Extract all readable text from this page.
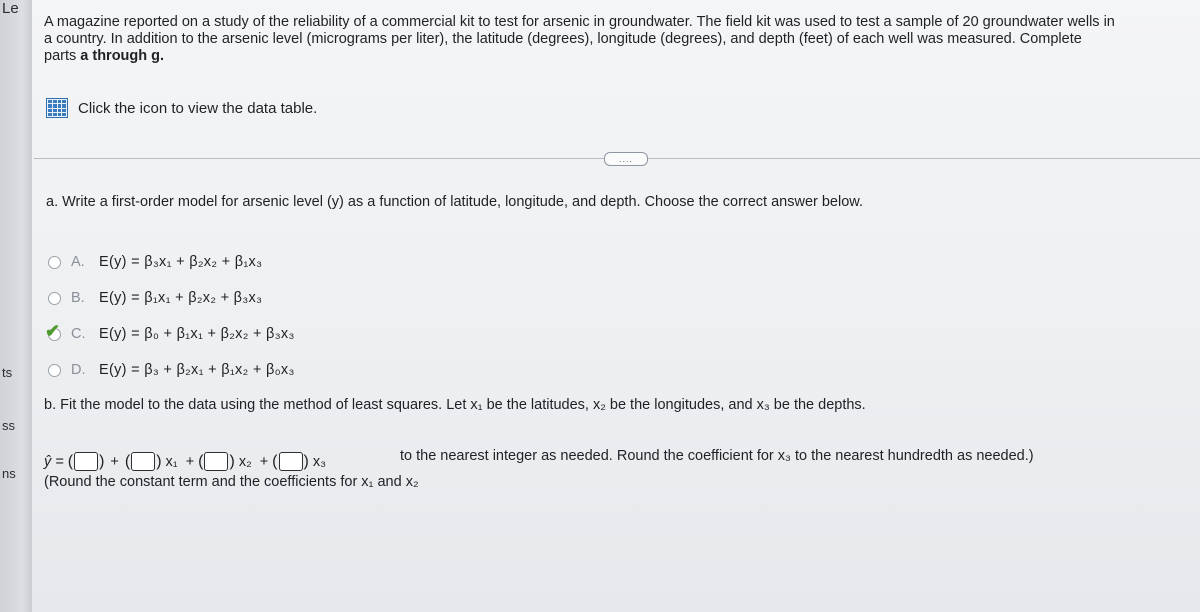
Le
ts
ss
ns
A magazine reported on a study of the reliability of a commercial kit to test for arsenic in groundwater. The field kit was used to test a sample of 20 groundwater wells in
a country. In addition to the arsenic level (micrograms per liter), the latitude (degrees), longitude (degrees), and depth (feet) of each well was measured. Complete
parts a through g.
Click the icon to view the data table.
....
a. Write a first-order model for arsenic level (y) as a function of latitude, longitude, and depth. Choose the correct answer below.
A. E(y) = β₃x₁ + β₂x₂ + β₁x₃
B. E(y) = β₁x₁ + β₂x₂ + β₃x₃
✔ C. E(y) = β₀ + β₁x₁ + β₂x₂ + β₃x₃
D. E(y) = β₃ + β₂x₁ + β₁x₂ + β₀x₃
b. Fit the model to the data using the method of least squares. Let x₁ be the latitudes, x₂ be the longitudes, and x₃ be the depths.
ŷ = ( ) + ( ) x₁ + ( ) x₂ + ( ) x₃	to the nearest integer as needed. Round the coefficient for x₃ to the nearest hundredth as needed.)
(Round the constant term and the coefficients for x₁ and x₂
